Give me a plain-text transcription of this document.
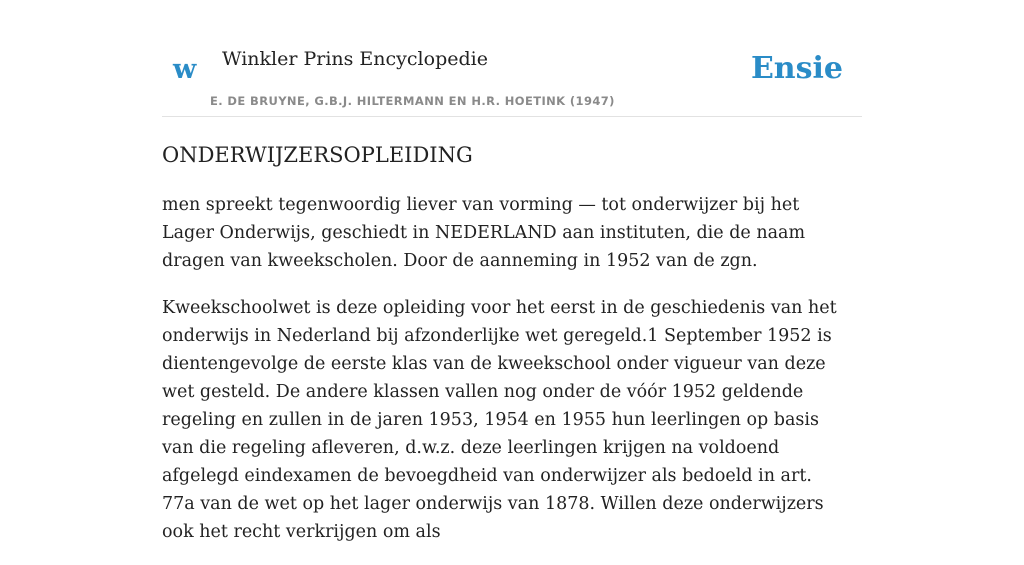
w Winkler Prins Encyclopedie
E. DE BRUYNE, G.B.J. HILTERMANN EN H.R. HOETINK (1947)
Ensie
ONDERWIJZERSOPLEIDING

men spreekt tegenwoordig liever van vorming — tot onderwijzer bij het Lager Onderwijs, geschiedt in NEDERLAND aan instituten, die de naam dragen van kweekscholen. Door de aanneming in 1952 van de zgn.

Kweekschoolwet is deze opleiding voor het eerst in de geschiedenis van het onderwijs in Nederland bij afzonderlijke wet geregeld.1 September 1952 is dientengevolge de eerste klas van de kweekschool onder vigueur van deze wet gesteld. De andere klassen vallen nog onder de vóór 1952 geldende regeling en zullen in de jaren 1953, 1954 en 1955 hun leerlingen op basis van die regeling afleveren, d.w.z. deze leerlingen krijgen na voldoend afgelegd eindexamen de bevoegdheid van onderwijzer als bedoeld in art. 77a van de wet op het lager onderwijs van 1878. Willen deze onderwijzers ook het recht verkrijgen om als
